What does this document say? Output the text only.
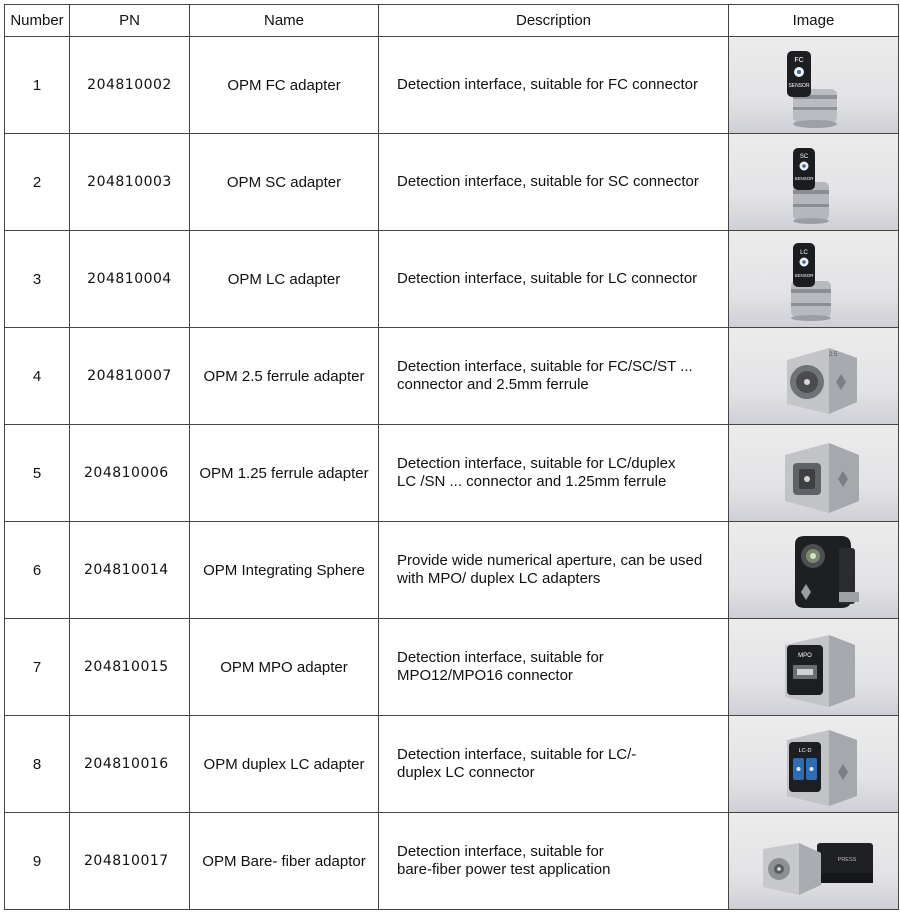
Number	PN	Name	Description	Image
1	204810002	OPM FC adapter	Detection interface, suitable for FC connector	FC
SENSOR

2	204810003	OPM SC adapter	Detection interface, suitable for SC connector	SC
SENSOR

3	204810004	OPM LC adapter	Detection interface, suitable for LC connector	LC
SENSOR

4	204810007	OPM 2.5 ferrule adapter	Detection interface, suitable for FC/SC/ST ...
connector and 2.5mm ferrule	2.5

5	204810006	OPM 1.25 ferrule adapter	Detection interface, suitable for LC/duplex
LC /SN ... connector and 1.25mm ferrule	

6	204810014	OPM Integrating Sphere	Provide wide numerical aperture, can be used
with MPO/ duplex LC adapters	

7	204810015	OPM MPO adapter	Detection interface, suitable for
MPO12/MPO16 connector	MPO

8	204810016	OPM duplex LC adapter	Detection interface, suitable for LC/-
duplex LC connector	LC-D

9	204810017	OPM Bare- fiber adaptor	Detection interface, suitable for
bare-fiber power test application	PRESS
